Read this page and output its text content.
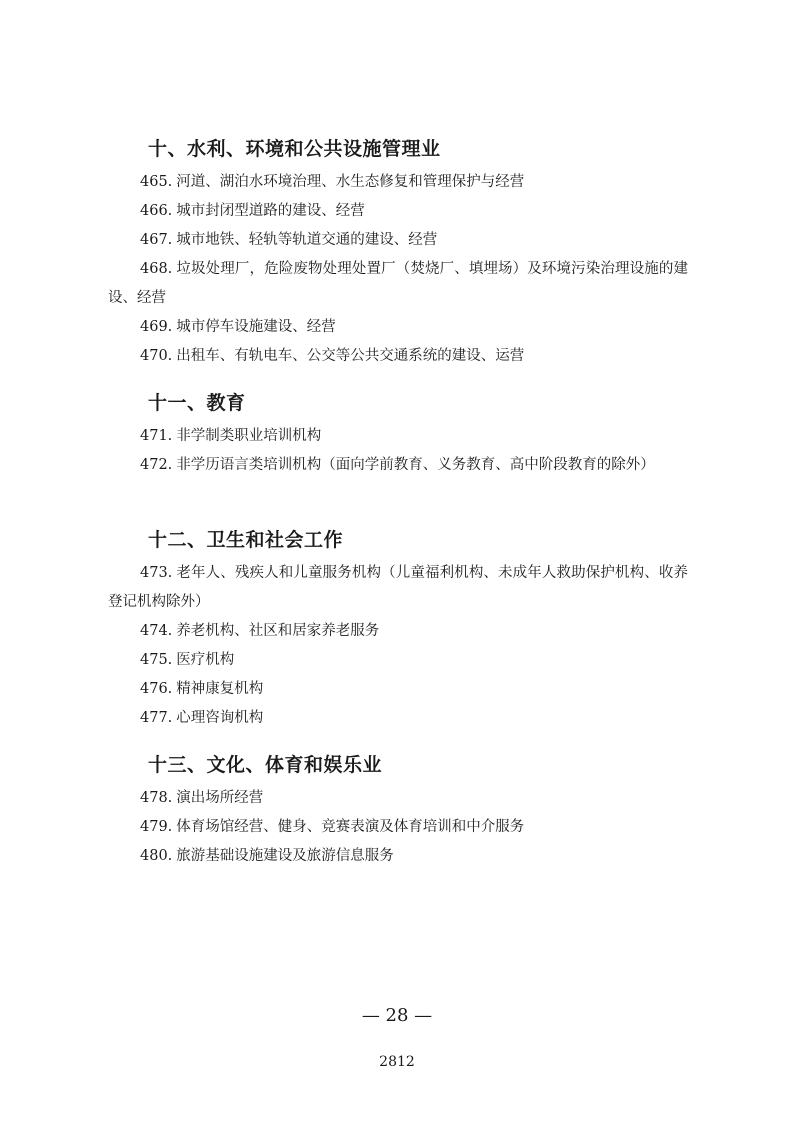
十、水利、环境和公共设施管理业

465. 河道、湖泊水环境治理、水生态修复和管理保护与经营

466. 城市封闭型道路的建设、经营

467. 城市地铁、轻轨等轨道交通的建设、经营

468. 垃圾处理厂，危险废物处理处置厂（焚烧厂、填埋场）及环境污染治理设施的建设、经营

469. 城市停车设施建设、经营

470. 出租车、有轨电车、公交等公共交通系统的建设、运营

十一、教育

471. 非学制类职业培训机构

472. 非学历语言类培训机构（面向学前教育、义务教育、高中阶段教育的除外）

十二、卫生和社会工作

473. 老年人、残疾人和儿童服务机构（儿童福利机构、未成年人救助保护机构、收养登记机构除外）

474. 养老机构、社区和居家养老服务

475. 医疗机构

476. 精神康复机构

477. 心理咨询机构

十三、文化、体育和娱乐业

478. 演出场所经营

479. 体育场馆经营、健身、竞赛表演及体育培训和中介服务

480. 旅游基础设施建设及旅游信息服务

— 28 —
2812
